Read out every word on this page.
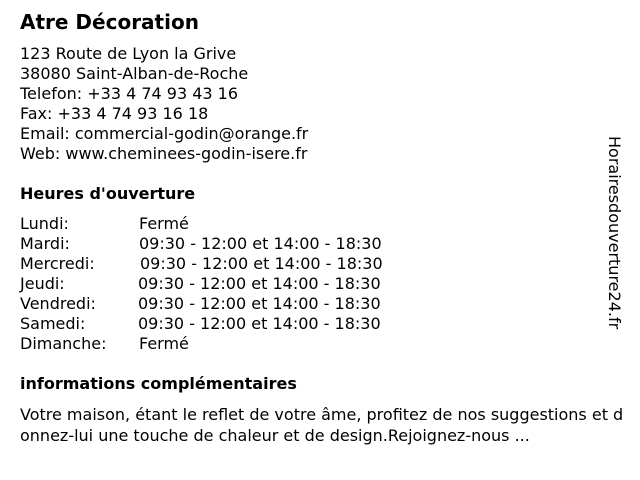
Atre Décoration
123 Route de Lyon la Grive
38080 Saint-Alban-de-Roche
Telefon: +33 4 74 93 43 16
Fax: +33 4 74 93 16 18
Email: commercial-godin@orange.fr
Web: www.cheminees-godin-isere.fr
Heures d'ouverture
Lundi:	Fermé
Mardi:	09:30 - 12:00 et 14:00 - 18:30
Mercredi:	09:30 - 12:00 et 14:00 - 18:30
Jeudi:	09:30 - 12:00 et 14:00 - 18:30
Vendredi:	09:30 - 12:00 et 14:00 - 18:30
Samedi:	09:30 - 12:00 et 14:00 - 18:30
Dimanche: Fermé
informations complémentaires
Votre maison, étant le reflet de votre âme, profitez de nos suggestions et donnez-lui une touche de chaleur et de design.Rejoignez-nous ...
Horairesdouverture24.fr
